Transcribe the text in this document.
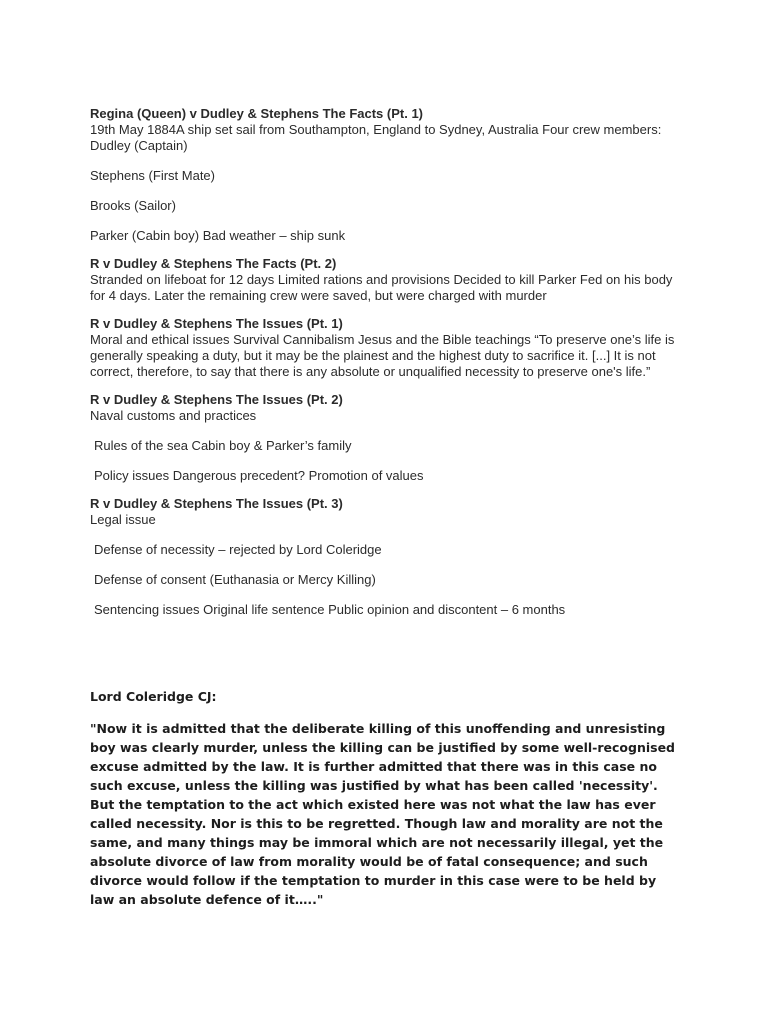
Regina (Queen) v Dudley & Stephens The Facts (Pt. 1)

19th May 1884A ship set sail from Southampton, England to Sydney, Australia Four crew members: Dudley (Captain)

Stephens (First Mate)

Brooks (Sailor)

Parker (Cabin boy) Bad weather – ship sunk

R v Dudley & Stephens The Facts (Pt. 2)

Stranded on lifeboat for 12 days Limited rations and provisions Decided to kill Parker Fed on his body for 4 days. Later the remaining crew were saved, but were charged with murder

R v Dudley & Stephens The Issues (Pt. 1)

Moral and ethical issues Survival Cannibalism Jesus and the Bible teachings “To preserve one’s life is generally speaking a duty, but it may be the plainest and the highest duty to sacrifice it. [...] It is not correct, therefore, to say that there is any absolute or unqualified necessity to preserve one's life.”

R v Dudley & Stephens The Issues (Pt. 2)

Naval customs and practices

Rules of the sea Cabin boy & Parker’s family

Policy issues Dangerous precedent? Promotion of values

R v Dudley & Stephens The Issues (Pt. 3)

Legal issue

Defense of necessity – rejected by Lord Coleridge

Defense of consent (Euthanasia or Mercy Killing)

Sentencing issues Original life sentence Public opinion and discontent – 6 months

Lord Coleridge CJ:

"Now it is admitted that the deliberate killing of this unoffending and unresisting boy was clearly murder, unless the killing can be justified by some well-recognised excuse admitted by the law. It is further admitted that there was in this case no such excuse, unless the killing was justified by what has been called 'necessity'. But the temptation to the act which existed here was not what the law has ever called necessity. Nor is this to be regretted. Though law and morality are not the same, and many things may be immoral which are not necessarily illegal, yet the absolute divorce of law from morality would be of fatal consequence; and such divorce would follow if the temptation to murder in this case were to be held by law an absolute defence of it….."
